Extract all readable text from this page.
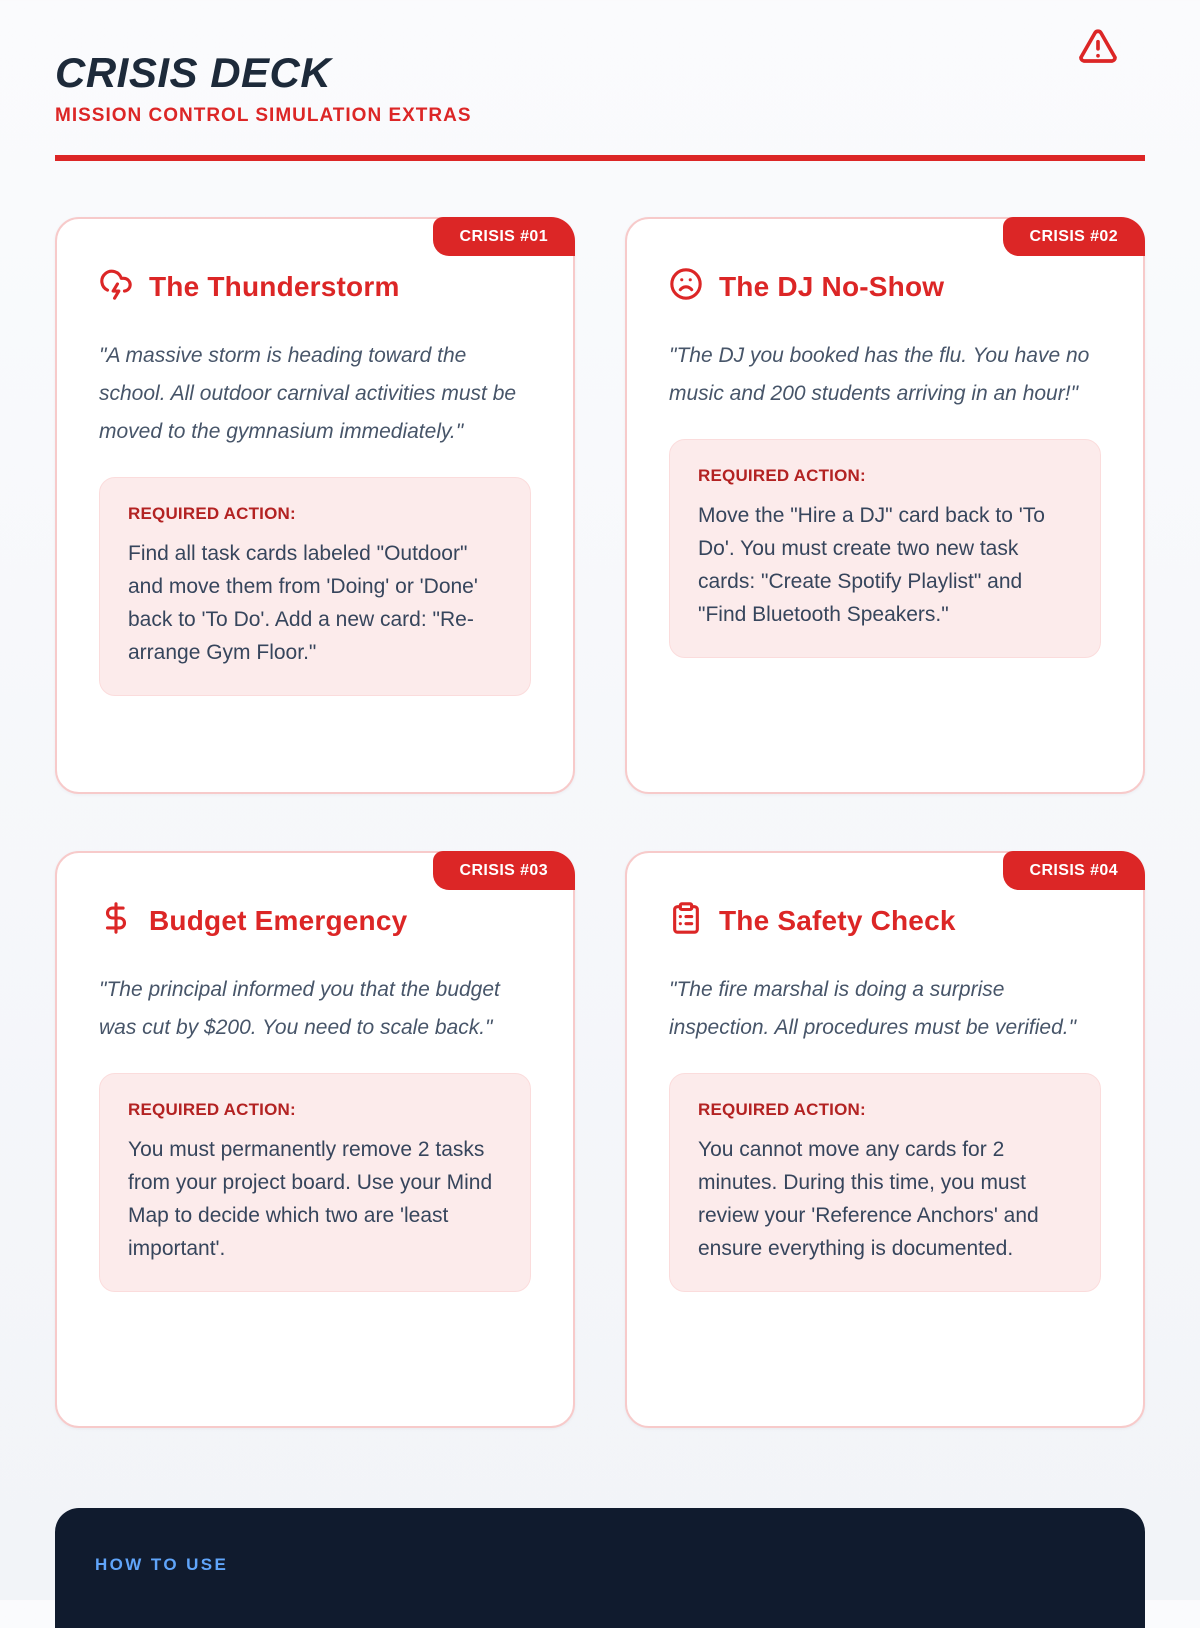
CRISIS DECK
MISSION CONTROL SIMULATION EXTRAS
CRISIS #01
The Thunderstorm

"A massive storm is heading toward the school. All outdoor carnival activities must be moved to the gymnasium immediately."

REQUIRED ACTION:

Find all task cards labeled "Outdoor" and move them from 'Doing' or 'Done' back to 'To Do'. Add a new card: "Re-arrange Gym Floor."

CRISIS #02
The DJ No-Show

"The DJ you booked has the flu. You have no music and 200 students arriving in an hour!"

REQUIRED ACTION:

Move the "Hire a DJ" card back to 'To Do'. You must create two new task cards: "Create Spotify Playlist" and "Find Bluetooth Speakers."

CRISIS #03
Budget Emergency

"The principal informed you that the budget was cut by $200. You need to scale back."

REQUIRED ACTION:

You must permanently remove 2 tasks from your project board. Use your Mind Map to decide which two are 'least important'.

CRISIS #04
The Safety Check

"The fire marshal is doing a surprise inspection. All procedures must be verified."

REQUIRED ACTION:

You cannot move any cards for 2 minutes. During this time, you must review your 'Reference Anchors' and ensure everything is documented.

HOW TO USE
